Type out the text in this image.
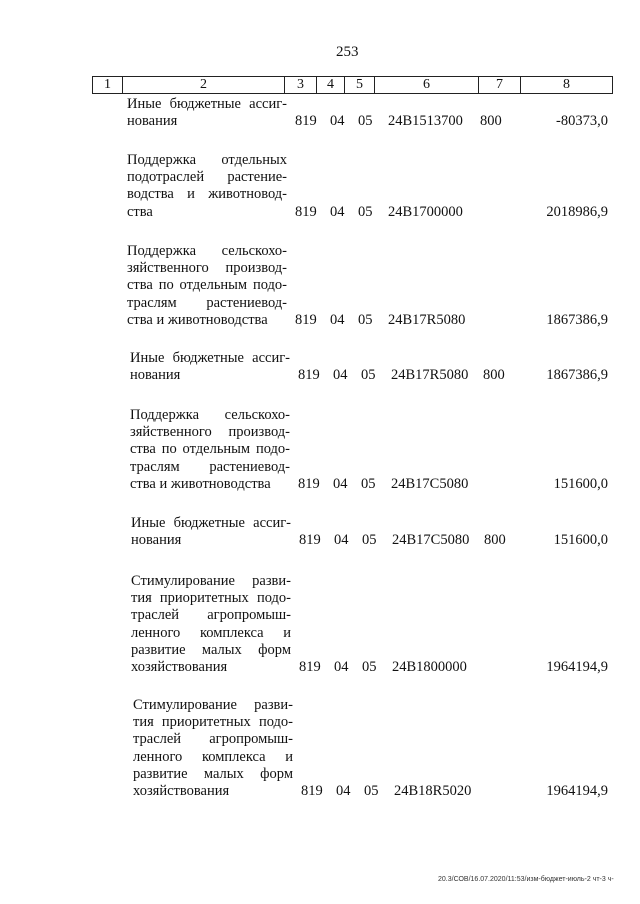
253
1	2	3	4	5	6	7	8
Иные бюджетные ассиг-
нования	819 04 05 24В1513700 800	-80373,0
Поддержка отдельных
подотраслей растение-
водства и животновод-
ства	819 04 05 24В1700000	2018986,9
Поддержка сельскохо-
зяйственного производ-
ства по отдельным подо-
траслям растениевод-
ства и животноводства	819 04 05 24В17R5080	1867386,9
Иные бюджетные ассиг-
нования	819 04 05 24В17R5080 800	1867386,9
Поддержка сельскохо-
зяйственного производ-
ства по отдельным подо-
траслям растениевод-
ства и животноводства	819 04 05 24В17С5080	151600,0
Иные бюджетные ассиг-
нования	819 04 05 24В17С5080 800	151600,0
Стимулирование разви-
тия приоритетных подо-
траслей агропромыш-
ленного комплекса и
развитие малых форм
хозяйствования	819 04 05 24В1800000	1964194,9
Стимулирование разви-
тия приоритетных подо-
траслей агропромыш-
ленного комплекса и
развитие малых форм
хозяйствования	819 04 05 24В18R5020	1964194,9
20.3/СОВ/16.07.2020/11:53/изм-бюджет-июль-2 чт-3 ч-
